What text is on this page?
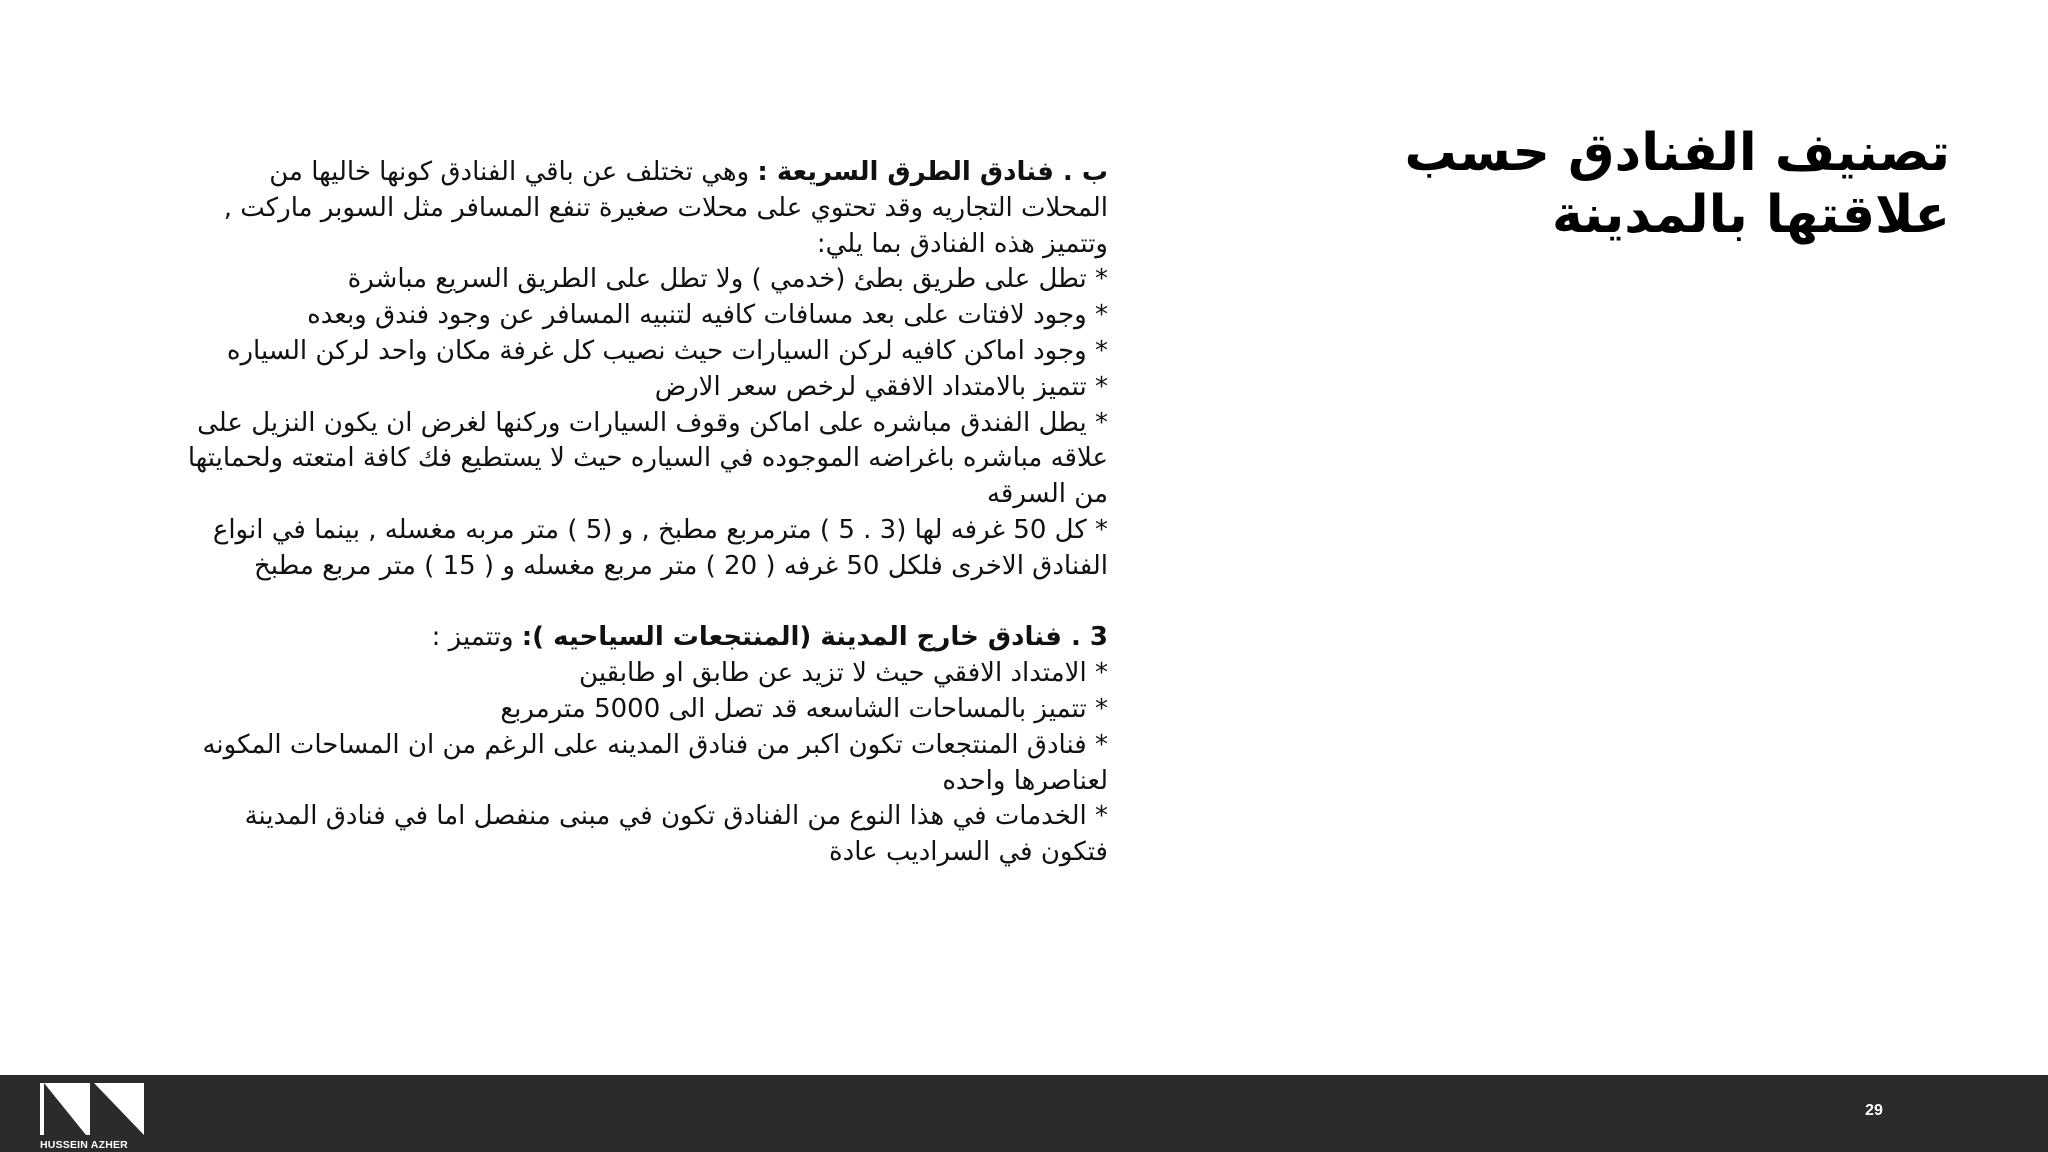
تصنيف الفنادق حسب
علاقتها بالمدينة

ب . فنادق الطرق السريعة : وهي تختلف عن باقي الفنادق كونها خاليها من المحلات التجاريه وقد تحتوي على محلات صغيرة تنفع المسافر مثل السوبر ماركت , وتتميز هذه الفنادق بما يلي:

* تطل على طريق بطئ (خدمي ) ولا تطل على الطريق السريع مباشرة

* وجود لافتات على بعد مسافات كافيه لتنبيه المسافر عن وجود فندق وبعده

* وجود اماكن كافيه لركن السيارات حيث نصيب كل غرفة مكان واحد لركن السياره

* تتميز بالامتداد الافقي لرخص سعر الارض

* يطل الفندق مباشره على اماكن وقوف السيارات وركنها لغرض ان يكون النزيل على علاقه مباشره باغراضه الموجوده في السياره حيث لا يستطيع فك كافة امتعته ولحمايتها من السرقه

* كل 50 غرفه لها (3 . 5 ) مترمربع مطبخ , و (5 ) متر مربه مغسله , بينما في انواع الفنادق الاخرى فلكل 50 غرفه ( 20 ) متر مربع مغسله و ( 15 ) متر مربع مطبخ

3 . فنادق خارج المدينة (المنتجعات السياحيه ): وتتميز :

* الامتداد الافقي حيث لا تزيد عن طابق او طابقين

* تتميز بالمساحات الشاسعه قد تصل الى 5000 مترمربع

* فنادق المنتجعات تكون اكبر من فنادق المدينه على الرغم من ان المساحات المكونه لعناصرها واحده

* الخدمات في هذا النوع من الفنادق تكون في مبنى منفصل اما في فنادق المدينة فتكون في السراديب عادة

HUSSEIN AZHER
29
